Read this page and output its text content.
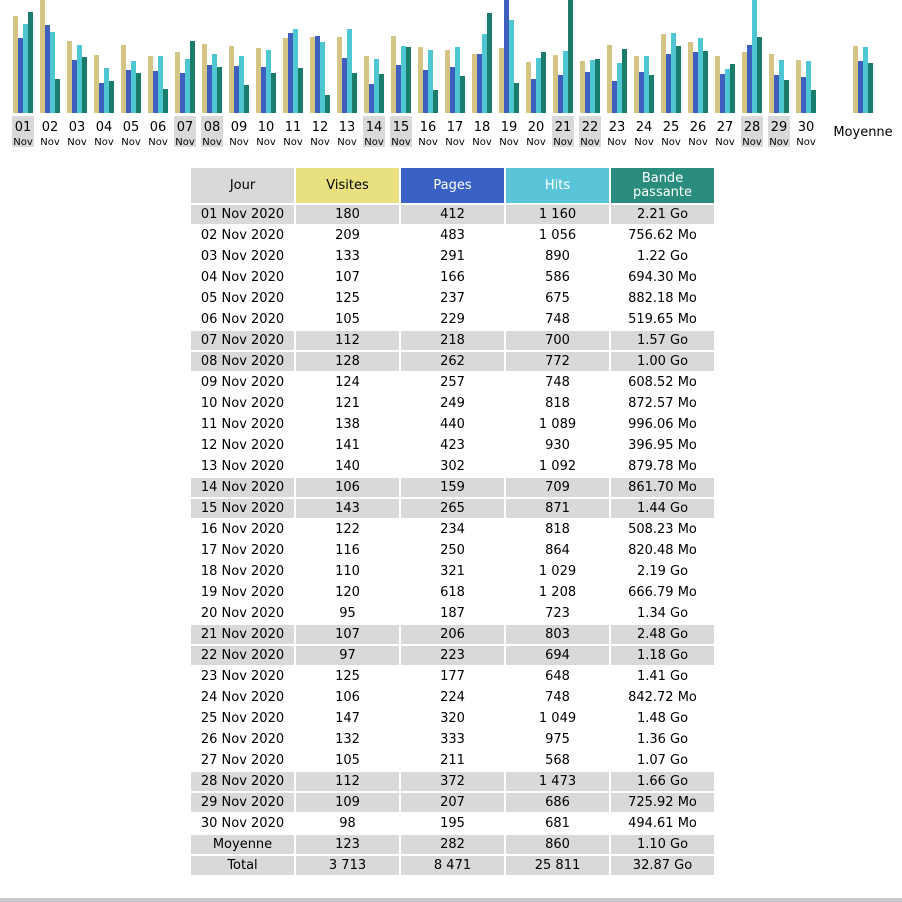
01
Nov
02
Nov
03
Nov
04
Nov
05
Nov
06
Nov
07
Nov
08
Nov
09
Nov
10
Nov
11
Nov
12
Nov
13
Nov
14
Nov
15
Nov
16
Nov
17
Nov
18
Nov
19
Nov
20
Nov
21
Nov
22
Nov
23
Nov
24
Nov
25
Nov
26
Nov
27
Nov
28
Nov
29
Nov
30
Nov
Moyenne
Jour	Visites	Pages	Hits	Bande passante
01 Nov 2020	180	412	1 160	2.21 Go
02 Nov 2020	209	483	1 056	756.62 Mo
03 Nov 2020	133	291	890	1.22 Go
04 Nov 2020	107	166	586	694.30 Mo
05 Nov 2020	125	237	675	882.18 Mo
06 Nov 2020	105	229	748	519.65 Mo
07 Nov 2020	112	218	700	1.57 Go
08 Nov 2020	128	262	772	1.00 Go
09 Nov 2020	124	257	748	608.52 Mo
10 Nov 2020	121	249	818	872.57 Mo
11 Nov 2020	138	440	1 089	996.06 Mo
12 Nov 2020	141	423	930	396.95 Mo
13 Nov 2020	140	302	1 092	879.78 Mo
14 Nov 2020	106	159	709	861.70 Mo
15 Nov 2020	143	265	871	1.44 Go
16 Nov 2020	122	234	818	508.23 Mo
17 Nov 2020	116	250	864	820.48 Mo
18 Nov 2020	110	321	1 029	2.19 Go
19 Nov 2020	120	618	1 208	666.79 Mo
20 Nov 2020	95	187	723	1.34 Go
21 Nov 2020	107	206	803	2.48 Go
22 Nov 2020	97	223	694	1.18 Go
23 Nov 2020	125	177	648	1.41 Go
24 Nov 2020	106	224	748	842.72 Mo
25 Nov 2020	147	320	1 049	1.48 Go
26 Nov 2020	132	333	975	1.36 Go
27 Nov 2020	105	211	568	1.07 Go
28 Nov 2020	112	372	1 473	1.66 Go
29 Nov 2020	109	207	686	725.92 Mo
30 Nov 2020	98	195	681	494.61 Mo
Moyenne	123	282	860	1.10 Go
Total	3 713	8 471	25 811	32.87 Go
